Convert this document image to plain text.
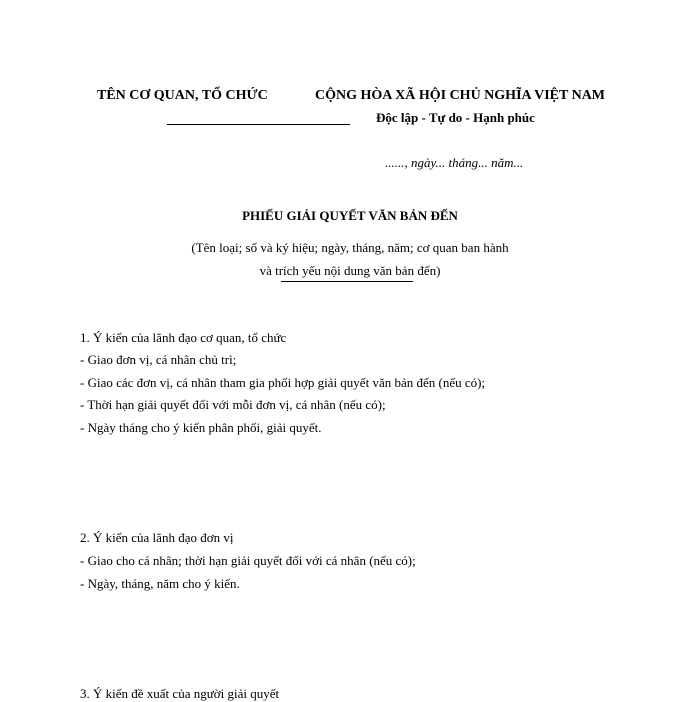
TÊN CƠ QUAN, TỔ CHỨC	CỘNG HÒA XÃ HỘI CHỦ NGHĨA VIỆT NAM
Độc lập - Tự do - Hạnh phúc
......, ngày... tháng... năm...
PHIẾU GIẢI QUYẾT VĂN BẢN ĐẾN
(Tên loại; số và ký hiệu; ngày, tháng, năm; cơ quan ban hành
và trích yếu nội dung văn bản đến)
1. Ý kiến của lãnh đạo cơ quan, tổ chức
- Giao đơn vị, cá nhân chủ trì;
- Giao các đơn vị, cá nhân tham gia phối hợp giải quyết văn bản đến (nếu có);
- Thời hạn giải quyết đối với mỗi đơn vị, cá nhân (nếu có);
- Ngày tháng cho ý kiến phân phối, giải quyết.
2. Ý kiến của lãnh đạo đơn vị
- Giao cho cá nhân; thời hạn giải quyết đối với cá nhân (nếu có);
- Ngày, tháng, năm cho ý kiến.
3. Ý kiến đề xuất của người giải quyết
